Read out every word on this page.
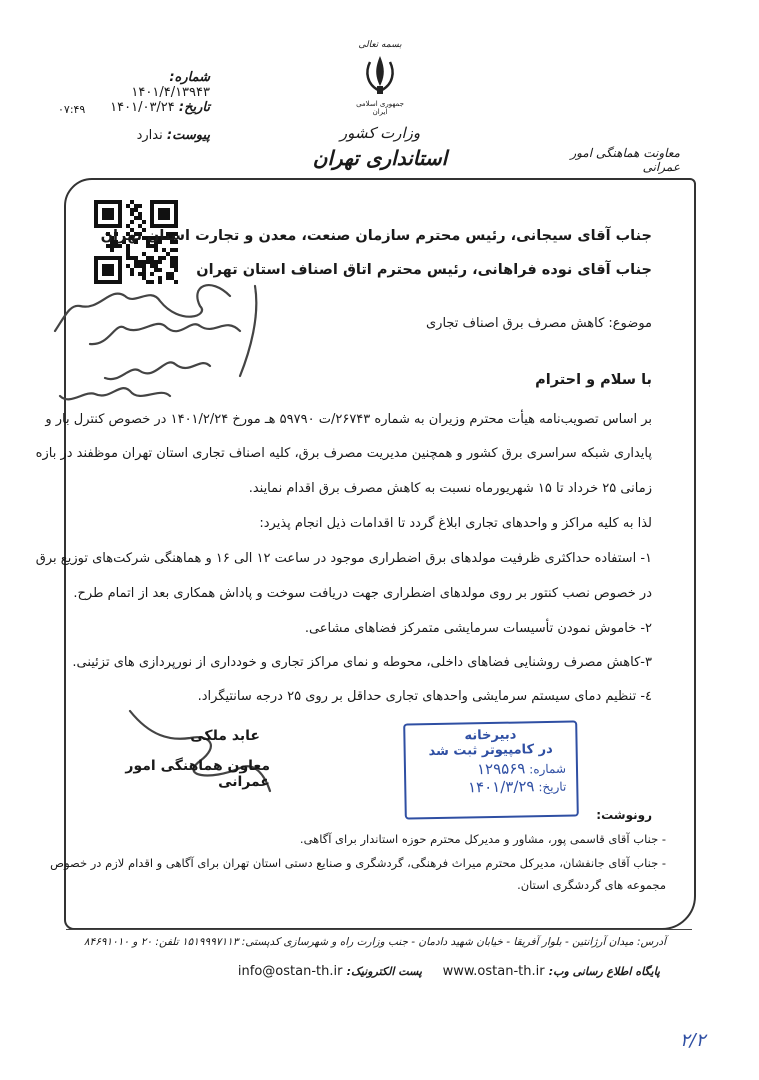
بسمه تعالی
جمهوری اسلامی ایران
وزارت کشور
استانداری تهران	معاونت هماهنگی امور عمرانی
شماره: ۱۴۰۱/۴/۱۳۹۴۳
تاریخ: ۱۴۰۱/۰۳/۲۴
۰۷:۴۹
پیوست: ندارد
جناب آقای سیجانی، رئیس محترم سازمان صنعت، معدن و تجارت استان تهران
جناب آقای نوده فراهانی، رئیس محترم اتاق اصناف استان تهران
موضوع: کاهش مصرف برق اصناف تجاری
با سلام و احترام
بر اساس تصویب‌نامه هیأت محترم وزیران به شماره ۲۶۷۴۳/ت ۵۹۷۹۰ هـ مورخ ۱۴۰۱/۲/۲۴ در خصوص کنترل بار و
پایداری شبکه سراسری برق کشور و همچنین مدیریت مصرف برق، کلیه اصناف تجاری استان تهران موظفند در بازه
زمانی ۲۵ خرداد تا ۱۵ شهریورماه نسبت به کاهش مصرف برق اقدام نمایند.
لذا به کلیه مراکز و واحدهای تجاری ابلاغ گردد تا اقدامات ذیل انجام پذیرد:
۱- استفاده حداکثری ظرفیت مولدهای برق اضطراری موجود در ساعت ۱۲ الی ۱۶ و هماهنگی شرکت‌های توزیع برق
در خصوص نصب کنتور بر روی مولدهای اضطراری جهت دریافت سوخت و پاداش همکاری بعد از اتمام طرح.
۲- خاموش نمودن تأسیسات سرمایشی متمرکز فضاهای مشاعی.
۳-کاهش مصرف روشنایی فضاهای داخلی، محوطه و نمای مراکز تجاری و خودداری از نورپردازی های تزئینی.
٤- تنظیم دمای سیستم سرمایشی واحدهای تجاری حداقل بر روی ۲۵ درجه سانتیگراد.
عابد ملکی
معاون هماهنگی امور عمرانی
دبیرخانه
در کامپیوتر ثبت شد
شماره: ۱۲۹۵۶۹
تاریخ: ۱۴۰۱/۳/۲۹
رونوشت:
- جناب آقای قاسمی پور، مشاور و مدیرکل محترم حوزه استاندار برای آگاهی.
- جناب آقای جانفشان، مدیرکل محترم میراث فرهنگی، گردشگری و صنایع دستی استان تهران برای آگاهی و اقدام لازم در خصوص
مجموعه های گردشگری استان.
آدرس: میدان آرژانتین - بلوار آفریقا - خیابان شهید دادمان - جنب وزارت راه و شهرسازی کدپستی: ۱۵۱۹۹۹۷۱۱۳ تلفن: ۲۰ و ۸۴۶۹۱۰۱۰
پایگاه اطلاع رسانی وب: www.ostan-th.ir     پست الکترونیک: info@ostan-th.ir
۲/۲
